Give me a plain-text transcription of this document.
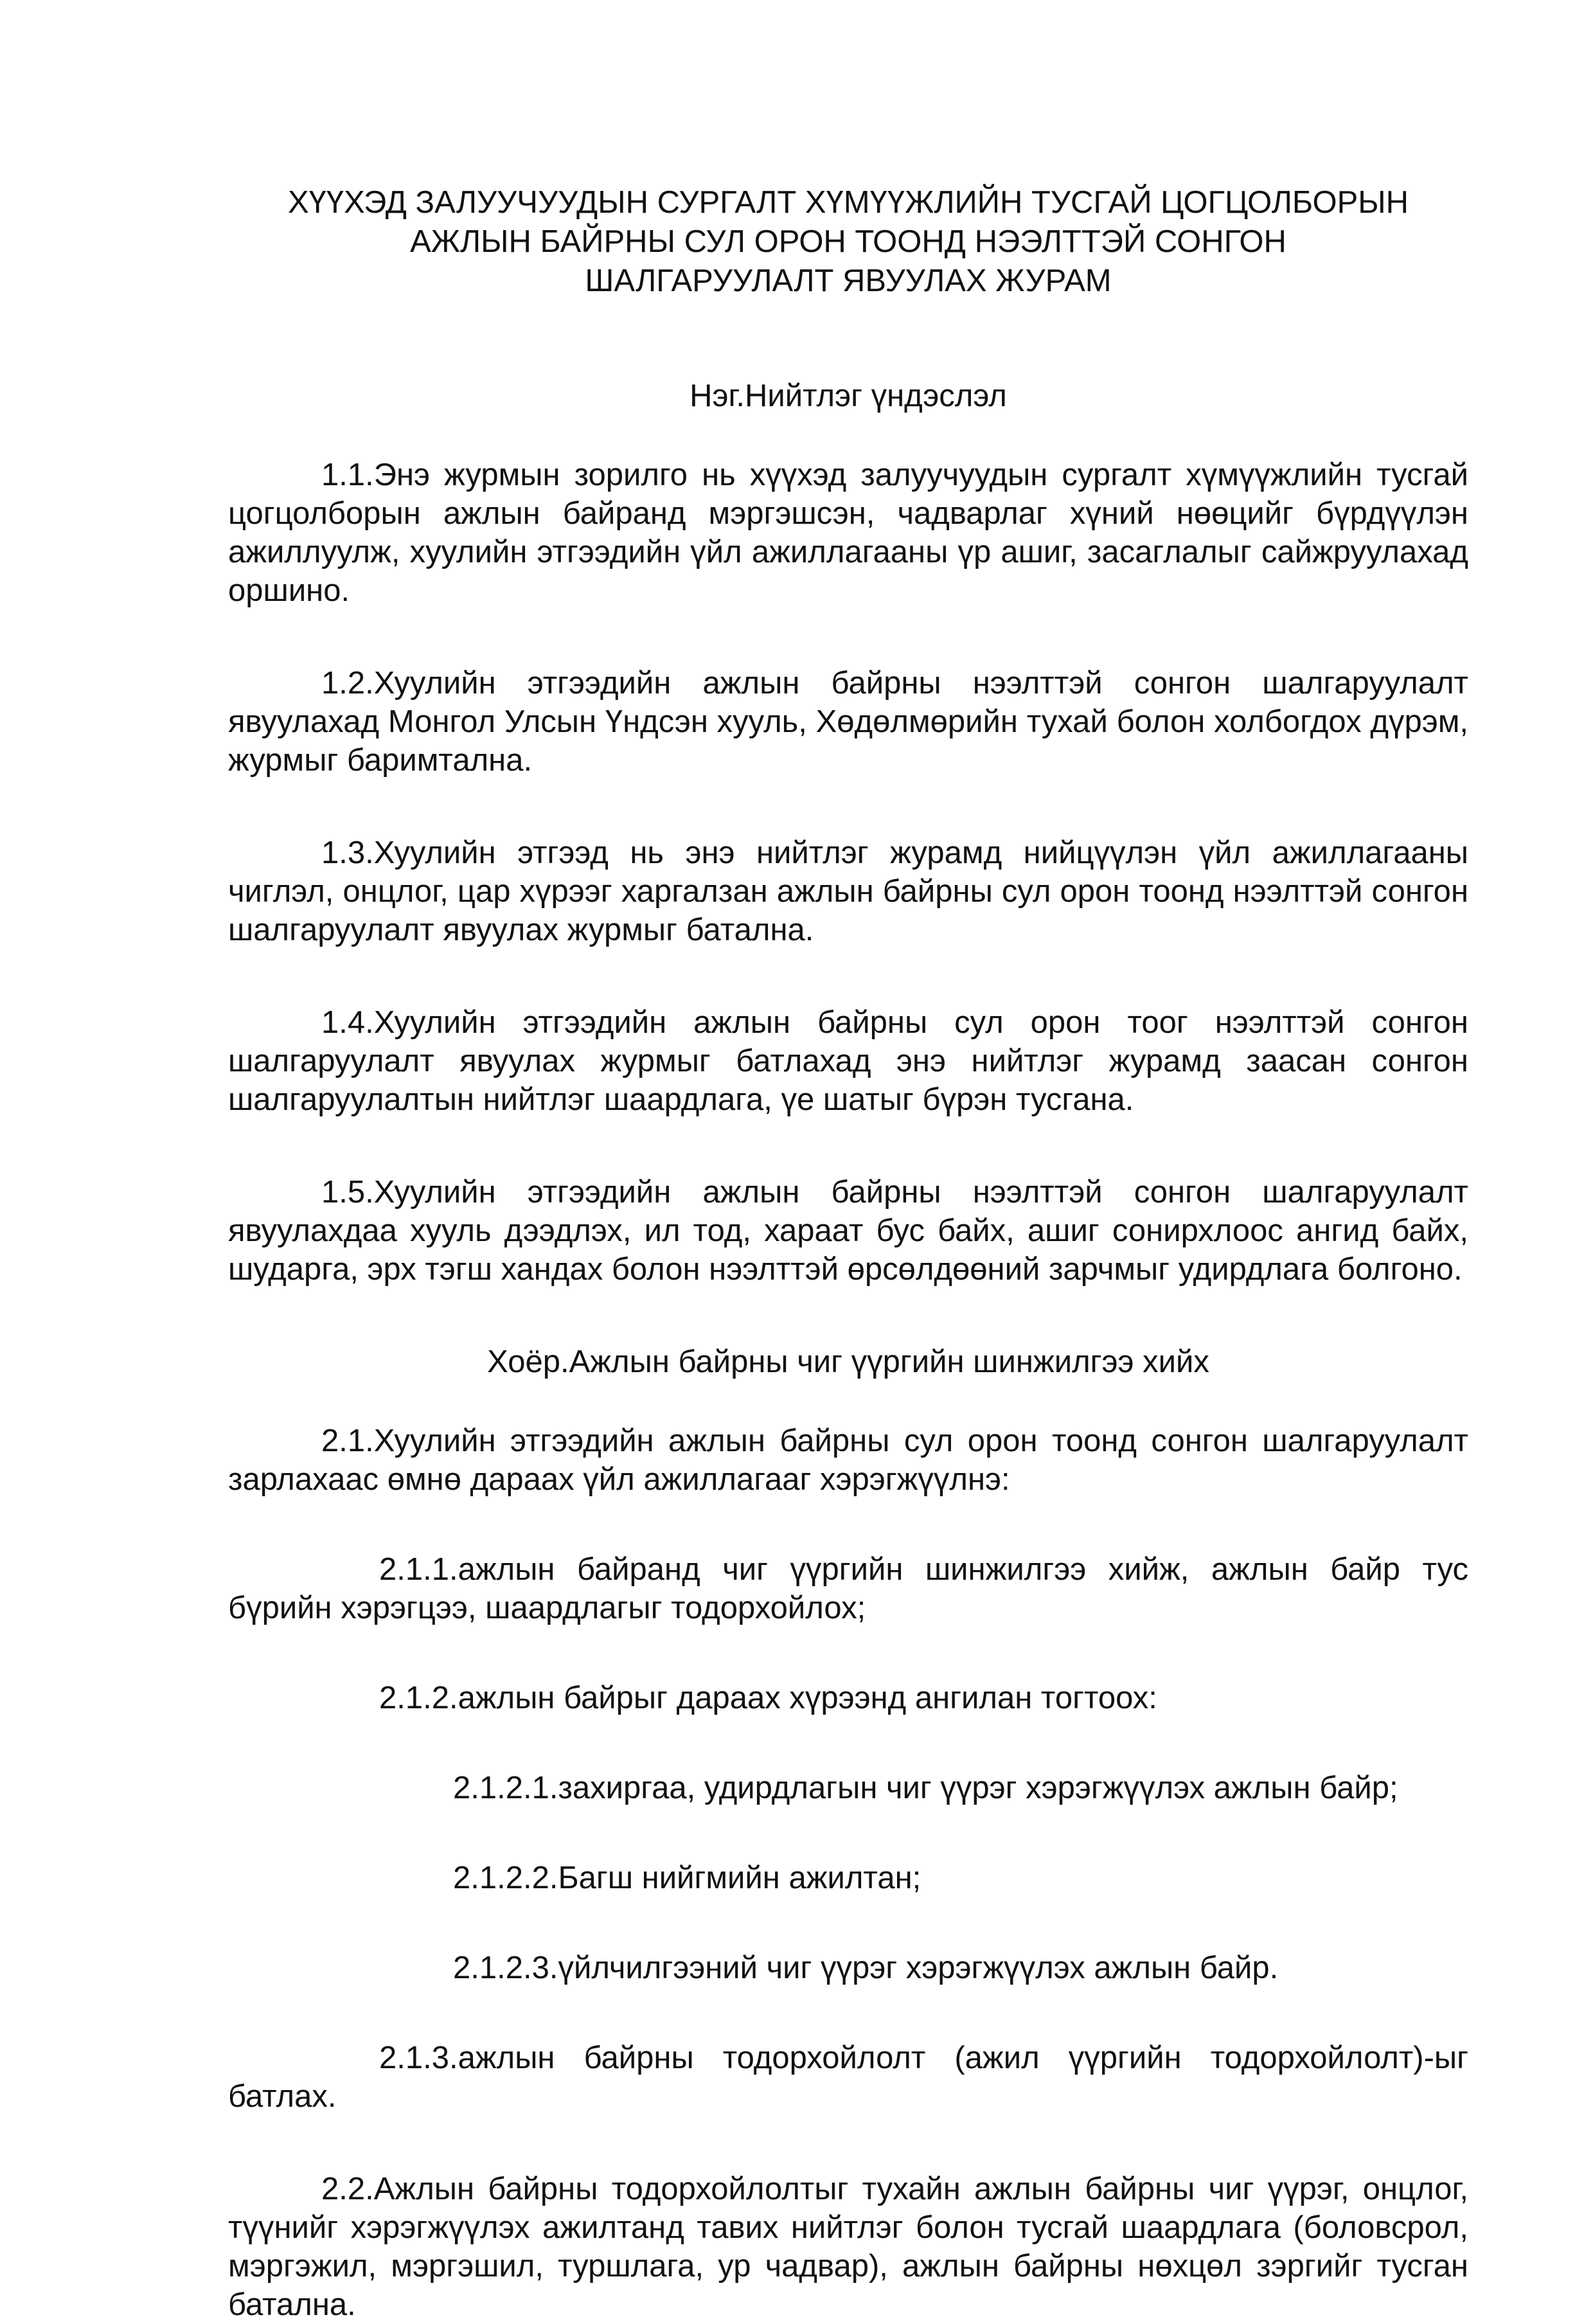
ХҮҮХЭД ЗАЛУУЧУУДЫН СУРГАЛТ ХҮМҮҮЖЛИЙН ТУСГАЙ ЦОГЦОЛБОРЫН
АЖЛЫН БАЙРНЫ СУЛ ОРОН ТООНД НЭЭЛТТЭЙ СОНГОН
ШАЛГАРУУЛАЛТ ЯВУУЛАХ ЖУРАМ
Нэг.Нийтлэг үндэслэл

1.1.Энэ журмын зорилго нь хүүхэд залуучуудын сургалт хүмүүжлийн тусгай цогцолборын ажлын байранд мэргэшсэн, чадварлаг хүний нөөцийг бүрдүүлэн ажиллуулж, хуулийн этгээдийн үйл ажиллагааны үр ашиг, засаглалыг сайжруулахад оршино.

1.2.Хуулийн этгээдийн ажлын байрны нээлттэй сонгон шалгаруулалт явуулахад Монгол Улсын Үндсэн хууль, Хөдөлмөрийн тухай болон холбогдох дүрэм, журмыг баримтална.

1.3.Хуулийн этгээд нь энэ нийтлэг журамд нийцүүлэн үйл ажиллагааны чиглэл, онцлог, цар хүрээг харгалзан ажлын байрны сул орон тоонд нээлттэй сонгон шалгаруулалт явуулах журмыг батална.

1.4.Хуулийн этгээдийн ажлын байрны сул орон тоог нээлттэй сонгон шалгаруулалт явуулах журмыг батлахад энэ нийтлэг журамд заасан сонгон шалгаруулалтын нийтлэг шаардлага, үе шатыг бүрэн тусгана.

1.5.Хуулийн этгээдийн ажлын байрны нээлттэй сонгон шалгаруулалт явуулахдаа хууль дээдлэх, ил тод, хараат бус байх, ашиг сонирхлоос ангид байх, шударга, эрх тэгш хандах болон нээлттэй өрсөлдөөний зарчмыг удирдлага болгоно.

Хоёр.Ажлын байрны чиг үүргийн шинжилгээ хийх

2.1.Хуулийн этгээдийн ажлын байрны сул орон тоонд сонгон шалгаруулалт зарлахаас өмнө дараах үйл ажиллагааг хэрэгжүүлнэ:

2.1.1.ажлын байранд чиг үүргийн шинжилгээ хийж, ажлын байр тус бүрийн хэрэгцээ, шаардлагыг тодорхойлох;

2.1.2.ажлын байрыг дараах хүрээнд ангилан тогтоох:

2.1.2.1.захиргаа, удирдлагын чиг үүрэг хэрэгжүүлэх ажлын байр;

2.1.2.2.Багш нийгмийн ажилтан;

2.1.2.3.үйлчилгээний чиг үүрэг хэрэгжүүлэх ажлын байр.

2.1.3.ажлын байрны тодорхойлолт (ажил үүргийн тодорхойлолт)-ыг батлах.

2.2.Ажлын байрны тодорхойлолтыг тухайн ажлын байрны чиг үүрэг, онцлог, түүнийг хэрэгжүүлэх ажилтанд тавих нийтлэг болон тусгай шаардлага (боловсрол, мэргэжил, мэргэшил, туршлага, ур чадвар), ажлын байрны нөхцөл зэргийг тусган батална.
